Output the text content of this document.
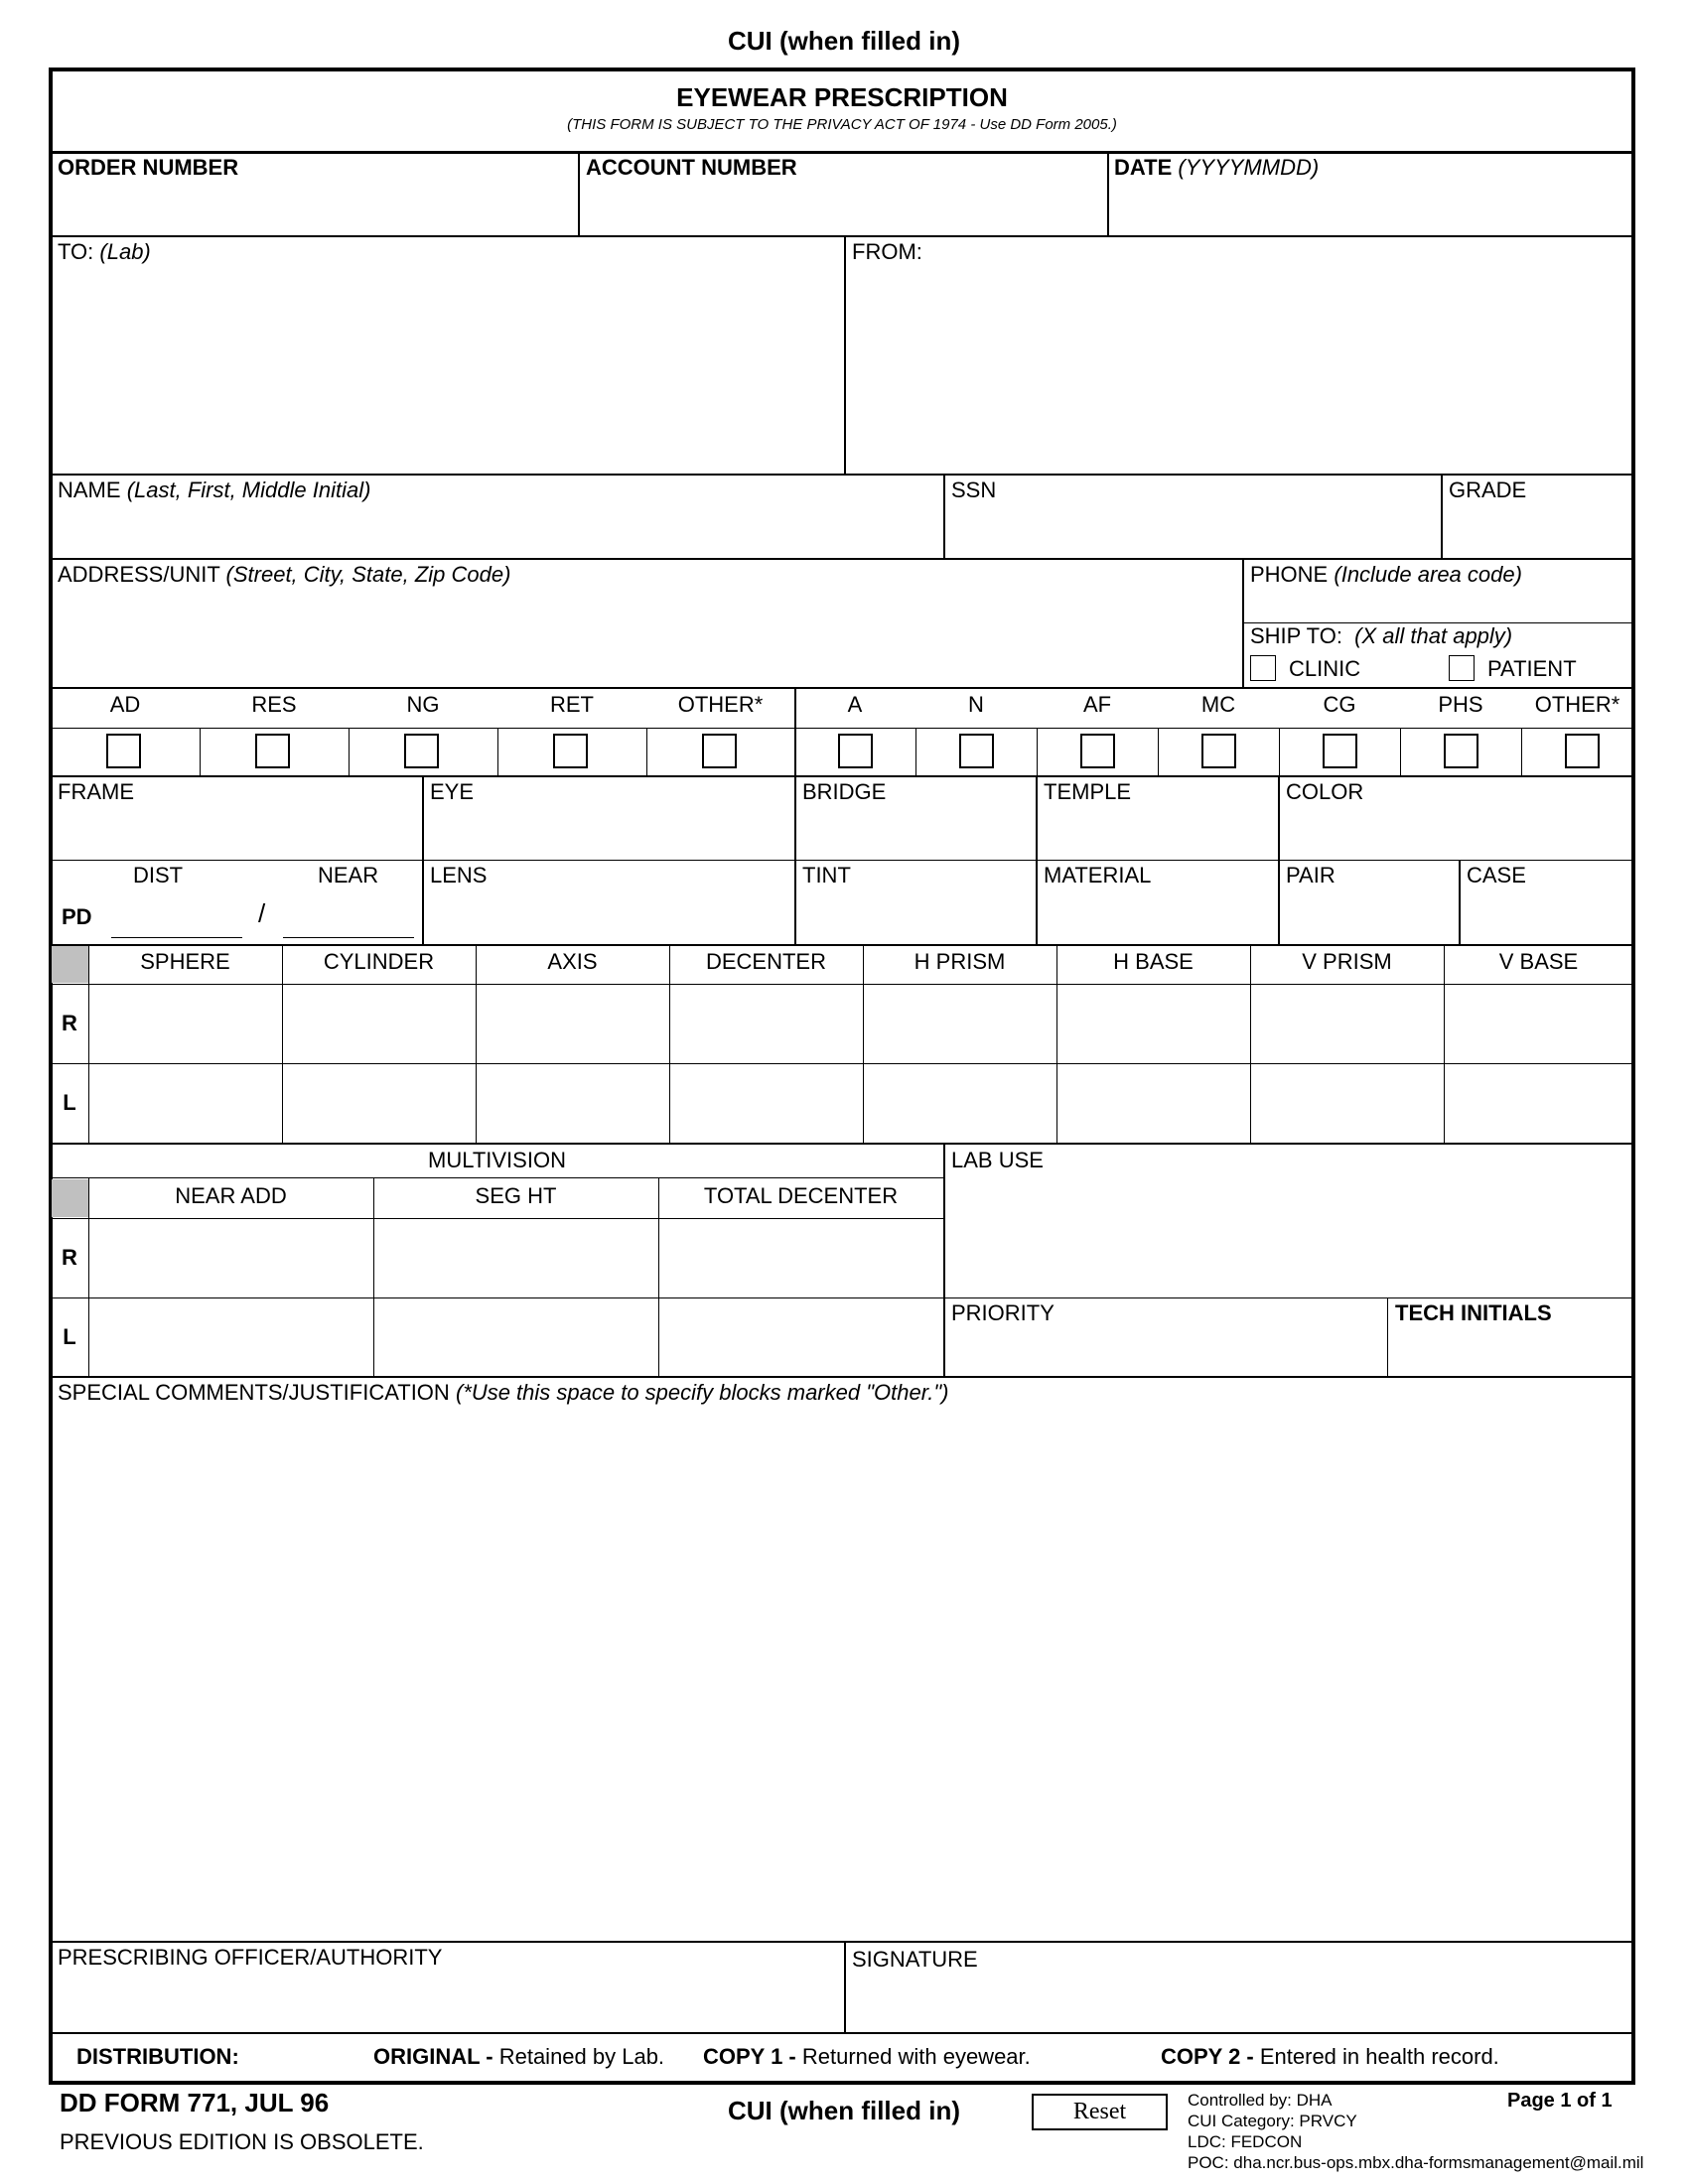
CUI (when filled in)
EYEWEAR PRESCRIPTION
(THIS FORM IS SUBJECT TO THE PRIVACY ACT OF 1974 - Use DD Form 2005.)
ORDER NUMBER	ACCOUNT NUMBER	DATE (YYYYMMDD)
TO: (Lab)	FROM:
NAME (Last, First, Middle Initial)	SSN	GRADE
ADDRESS/UNIT (Street, City, State, Zip Code)	PHONE (Include area code)
SHIP TO: (X all that apply)
CLINIC	PATIENT
AD	RES	NG	RET	OTHER*	A	N	AF	MC	CG	PHS	OTHER*
FRAME	EYE	BRIDGE	TEMPLE	COLOR
DIST	NEAR
PD	/
LENS	TINT	MATERIAL	PAIR	CASE
SPHERE	CYLINDER	AXIS	DECENTER	H PRISM	H BASE	V PRISM	V BASE
R
L
MULTIVISION	LAB USE
NEAR ADD	SEG HT	TOTAL DECENTER
R
L
PRIORITY	TECH INITIALS
SPECIAL COMMENTS/JUSTIFICATION (*Use this space to specify blocks marked "Other.")
PRESCRIBING OFFICER/AUTHORITY	SIGNATURE
DISTRIBUTION:	ORIGINAL - Retained by Lab. COPY 1 - Returned with eyewear.	COPY 2 - Entered in health record.
DD FORM 771, JUL 96
PREVIOUS EDITION IS OBSOLETE.
CUI (when filled in)	Reset	Controlled by: DHA
CUI Category: PRVCY
LDC: FEDCON
POC: dha.ncr.bus-ops.mbx.dha-formsmanagement@mail.mil
Page 1 of 1
